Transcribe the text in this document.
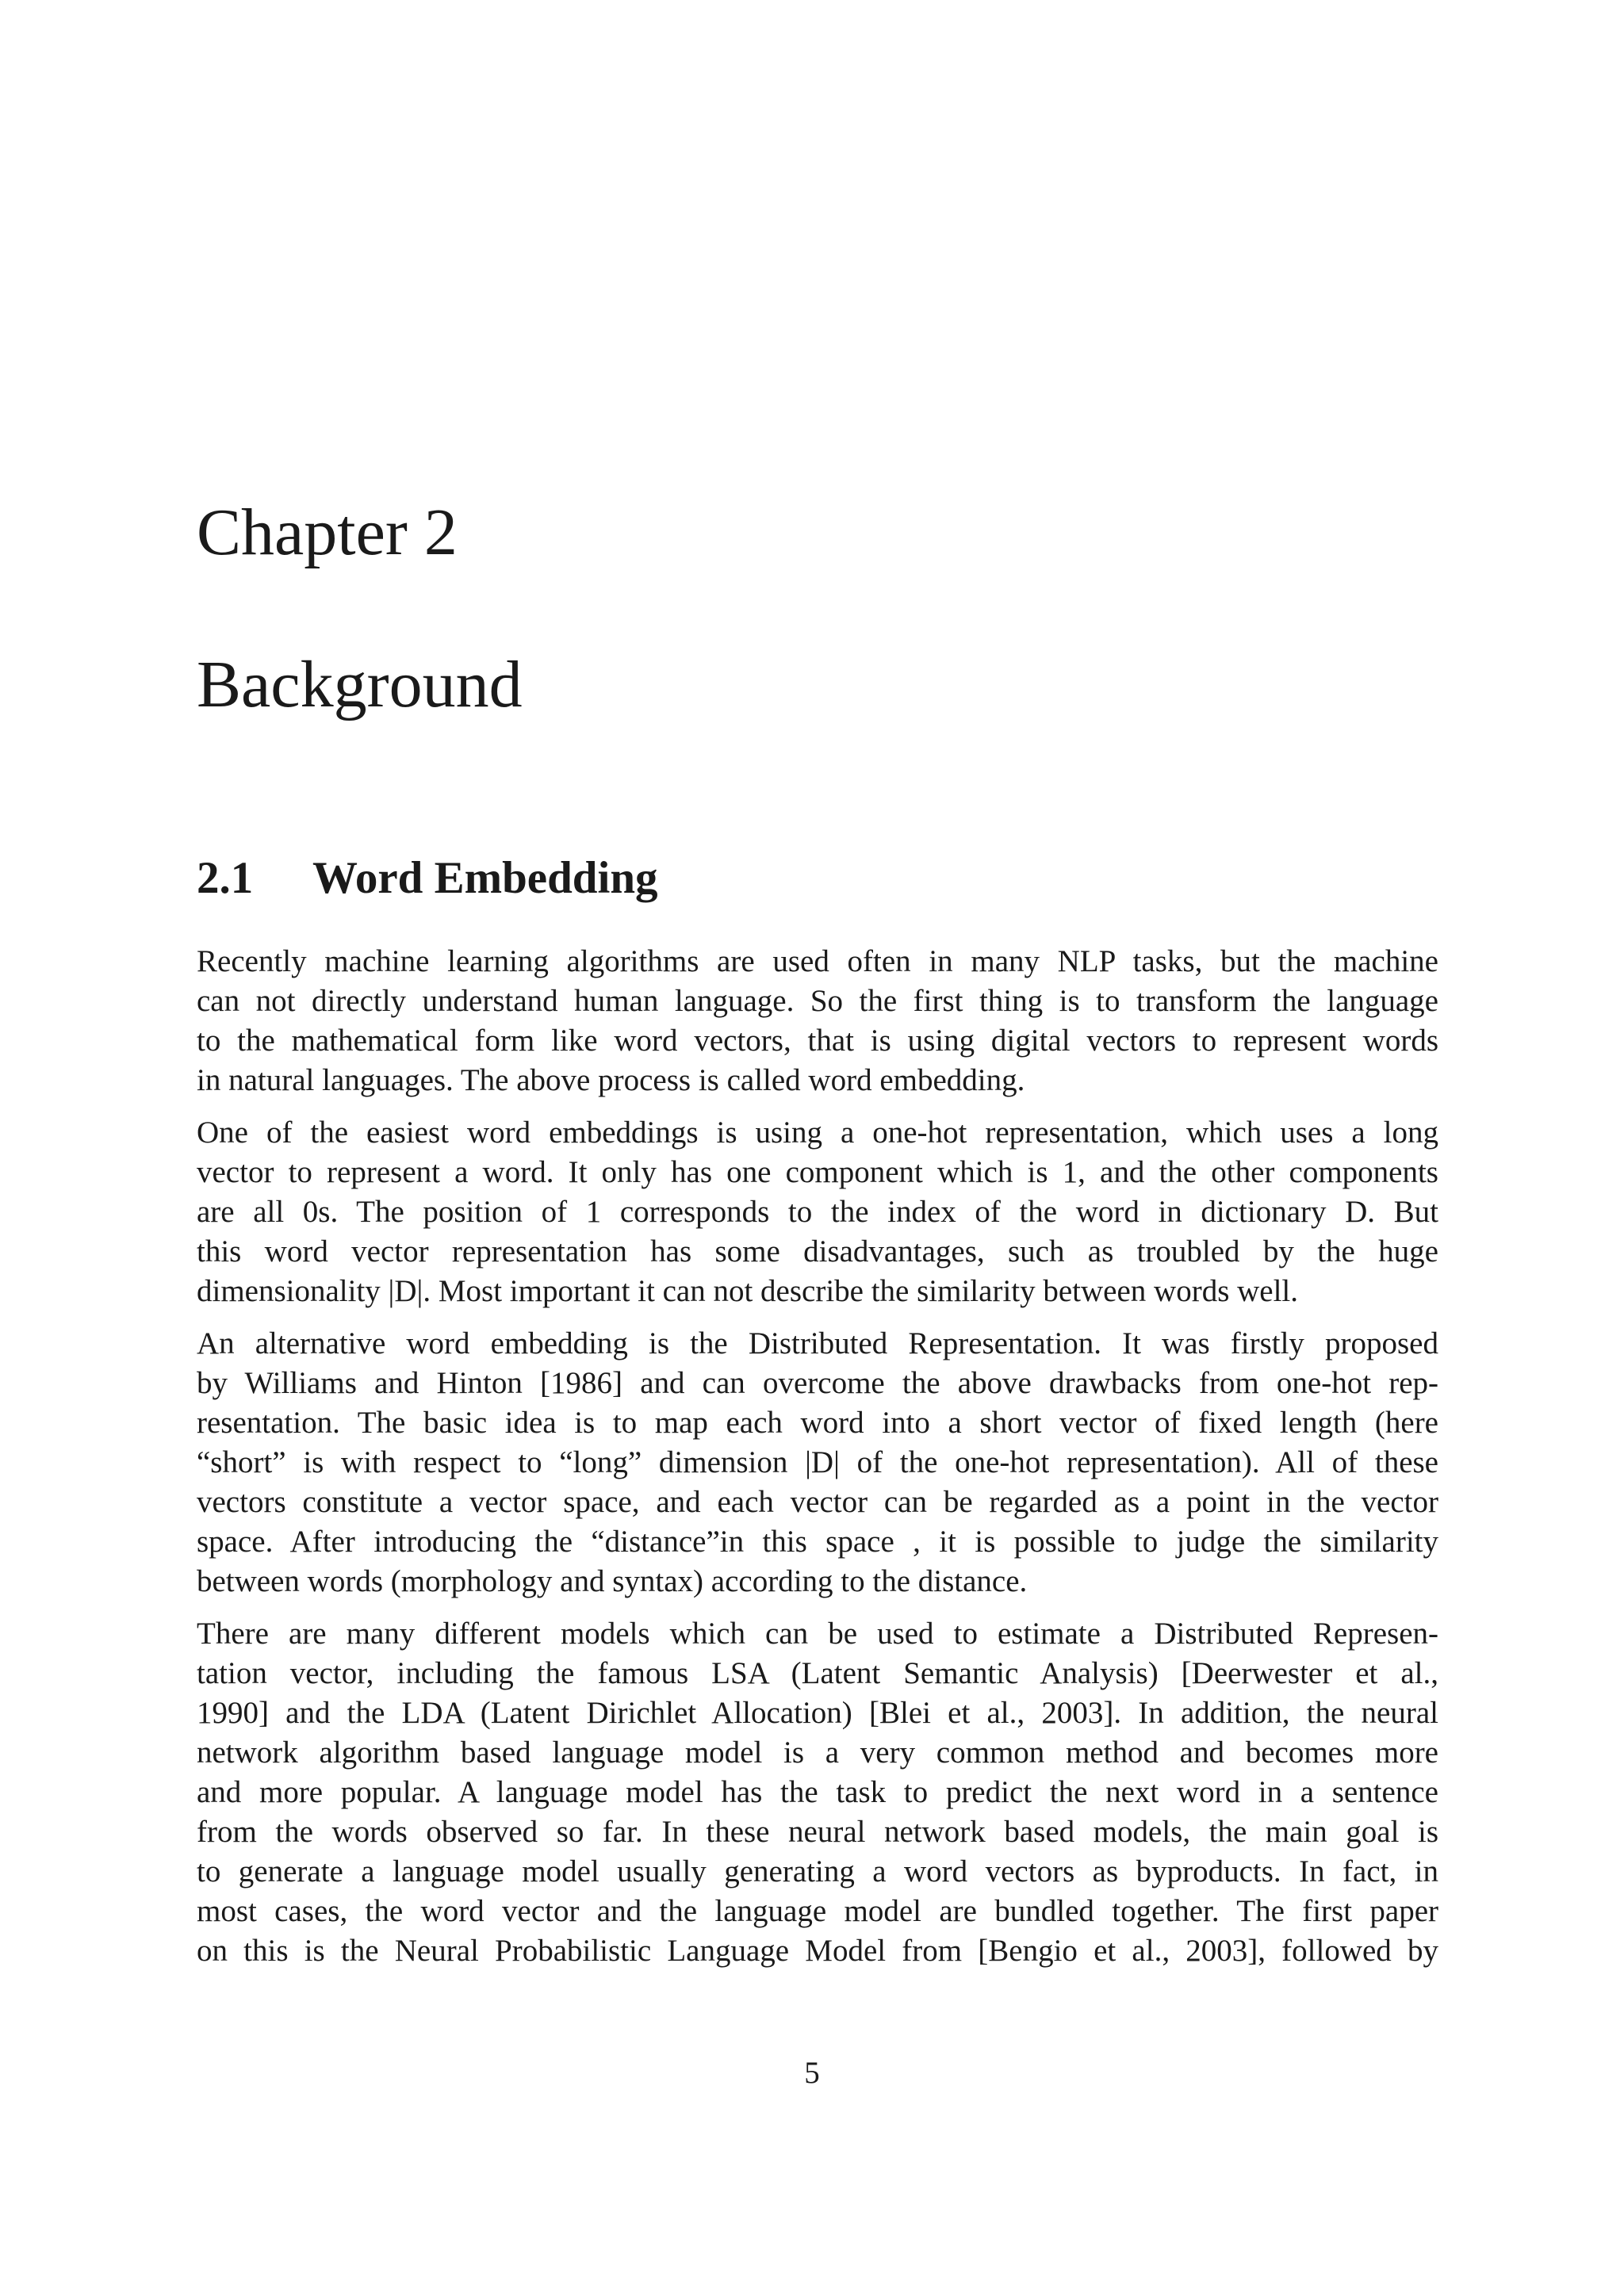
Chapter 2
Background
2.1 Word Embedding

Recently machine learning algorithms are used often in many NLP tasks, but the machine
can not directly understand human language. So the first thing is to transform the language
to the mathematical form like word vectors, that is using digital vectors to represent words
in natural languages. The above process is called word embedding.

One of the easiest word embeddings is using a one-hot representation, which uses a long
vector to represent a word. It only has one component which is 1, and the other components
are all 0s. The position of 1 corresponds to the index of the word in dictionary D. But
this word vector representation has some disadvantages, such as troubled by the huge
dimensionality |D|. Most important it can not describe the similarity between words well.

An alternative word embedding is the Distributed Representation. It was firstly proposed
by Williams and Hinton [1986] and can overcome the above drawbacks from one-hot rep-
resentation. The basic idea is to map each word into a short vector of fixed length (here
“short” is with respect to “long” dimension |D| of the one-hot representation). All of these
vectors constitute a vector space, and each vector can be regarded as a point in the vector
space. After introducing the “distance”in this space , it is possible to judge the similarity
between words (morphology and syntax) according to the distance.

There are many different models which can be used to estimate a Distributed Represen-
tation vector, including the famous LSA (Latent Semantic Analysis) [Deerwester et al.,
1990] and the LDA (Latent Dirichlet Allocation) [Blei et al., 2003]. In addition, the neural
network algorithm based language model is a very common method and becomes more
and more popular. A language model has the task to predict the next word in a sentence
from the words observed so far. In these neural network based models, the main goal is
to generate a language model usually generating a word vectors as byproducts. In fact, in
most cases, the word vector and the language model are bundled together. The first paper
on this is the Neural Probabilistic Language Model from [Bengio et al., 2003], followed by

5
